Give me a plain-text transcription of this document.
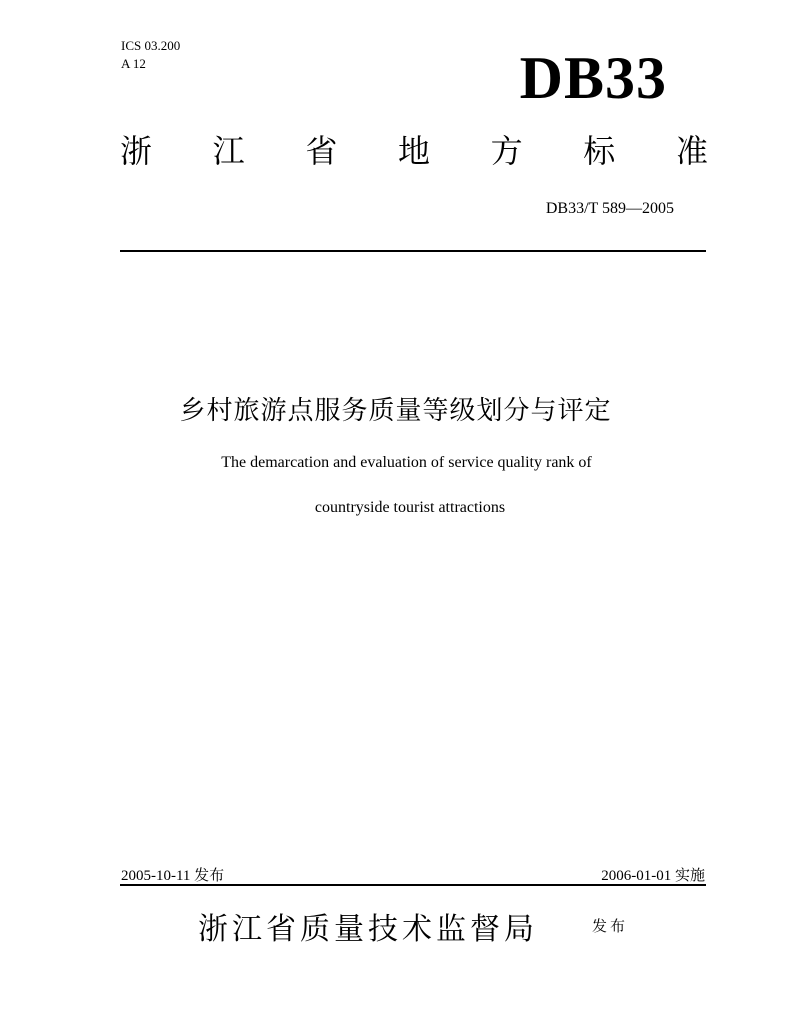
ICS 03.200
A 12	DB33
浙 江 省 地 方 标 准
DB33/T 589—2005
乡村旅游点服务质量等级划分与评定
The demarcation and evaluation of service quality rank of
countryside tourist attractions
2005-10-11 发布	2006-01-01 实施
浙江省质量技术监督局	发布
